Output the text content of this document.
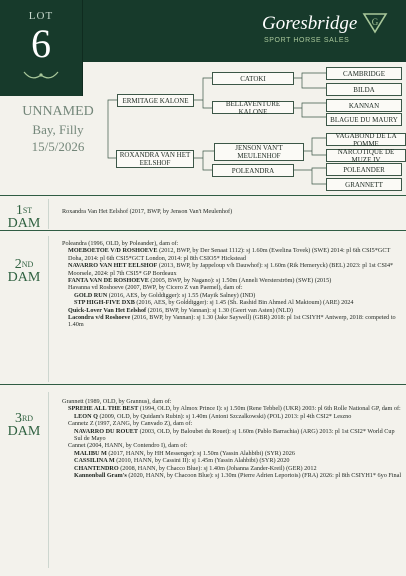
LOT
6	Goresbridge
SPORT HORSE SALES
G
UNNAMED
Bay, Filly
15/5/2026
ERMITAGE KALONE
ROXANDRA VAN HET EELSHOF
CATOKI
BELLAVENTURE KALONE
JENSON VAN'T MEULENHOF
POLEANDRA
CAMBRIDGE
BILDA
KANNAN
BLAGUE DU MAURY
VAGABOND DE LA POMME
NARCOTIQUE DE MUZE IV
POLEANDER
GRANNETT
1ST
DAM
Roxandra Van Het Eelshof (2017, BWP, by Jenson Van't Meulenhof)
2ND
DAM
Poleandra (1996, OLD, by Poleander), dam of:
MOEBOETOE V/D ROSHOEVE (2012, BWP, by Der Senaat 1112): sj 1.60m (Ewelina Tovek) (SWE) 2014: pl 6th CSI5*GCT Doha, 2014: pl 6th CSI5*GCT London, 2014: pl 8th CSIO5* Hickstead
NAVARRO VAN HET EELSHOF (2013, BWP, by Jappeloup v/h Dauwhof): sj 1.60m (Rik Hemeryck) (BEL) 2023: pl 1st CSI4* Moorsele, 2024: pl 7th CSI5* GP Bordeaux
FANTA VAN DE ROSHOEVE (2005, BWP, by Nagano): sj 1.50m (Anneli Wersterström) (SWE) (2015)
Havanna vd Roshoeve (2007, BWP, by Cicero Z van Paemel), dam of:
GOLD RUN (2016, AES, by Golddigger): sj 1.55 (Mayik Salney) (IND)
STP HIGH-FIVE DXB (2016, AES, by Golddigger): sj 1.45 (Sh. Rashid Bin Ahmed Al Maktoum) (ARE) 2024
Quick-Lover Van Het Eelshof (2016, BWP, by Vannan): sj 1.30 (Geert van Asten) (NLD)
Lacondra v/d Roshoeve (2016, BWP, by Vannan): sj 1.30 (Jake Saywell) (GBR) 2018: pl 1st CSIYH* Antwerp, 2018: competed to 1.40m
3RD
DAM
Grannett (1989, OLD, by Grannus), dam of:
SPREHE ALL THE BEST (1994, OLD, by Almox Prince I): sj 1.50m (Rene Tebbel) (UKR) 2003: pl 6th Rolle National GP, dam of:
LEON Q (2009, OLD, by Quidam's Rubin): sj 1.40m (Antoni Szczalkowski) (POL) 2013: pl 4th CSI2* Leszno
Cannetz Z (1997, ZANG, by Canvado Z), dam of:
NAVARRO DU ROUET (2003, OLD, by Baloubet du Rouet): sj 1.60m (Pablo Barrachia) (ARG) 2013: pl 1st CSI2* World Cup Sul de Mayo
Cannet (2004, HANN, by Contendro I), dam of:
MALIBU M (2017, HANN, by HH Messenger): sj 1.50m (Yassin Alahbibi) (SYR) 2026
CASSILINA M (2010, HANN, by Cassini II): sj 1.45m (Yassin Alahbibi) (SYR) 2020
CHANTENDRO (2008, HANN, by Chacco Blue): sj 1.40m (Johanna Zander-Kreil) (GER) 2012
Kannonball Gram's (2020, HANN, by Chacoon Blue): sj 1.30m (Pierre Adrien Leportois) (FRA) 2026: pl 8th CSIYH1* 6yo Final
